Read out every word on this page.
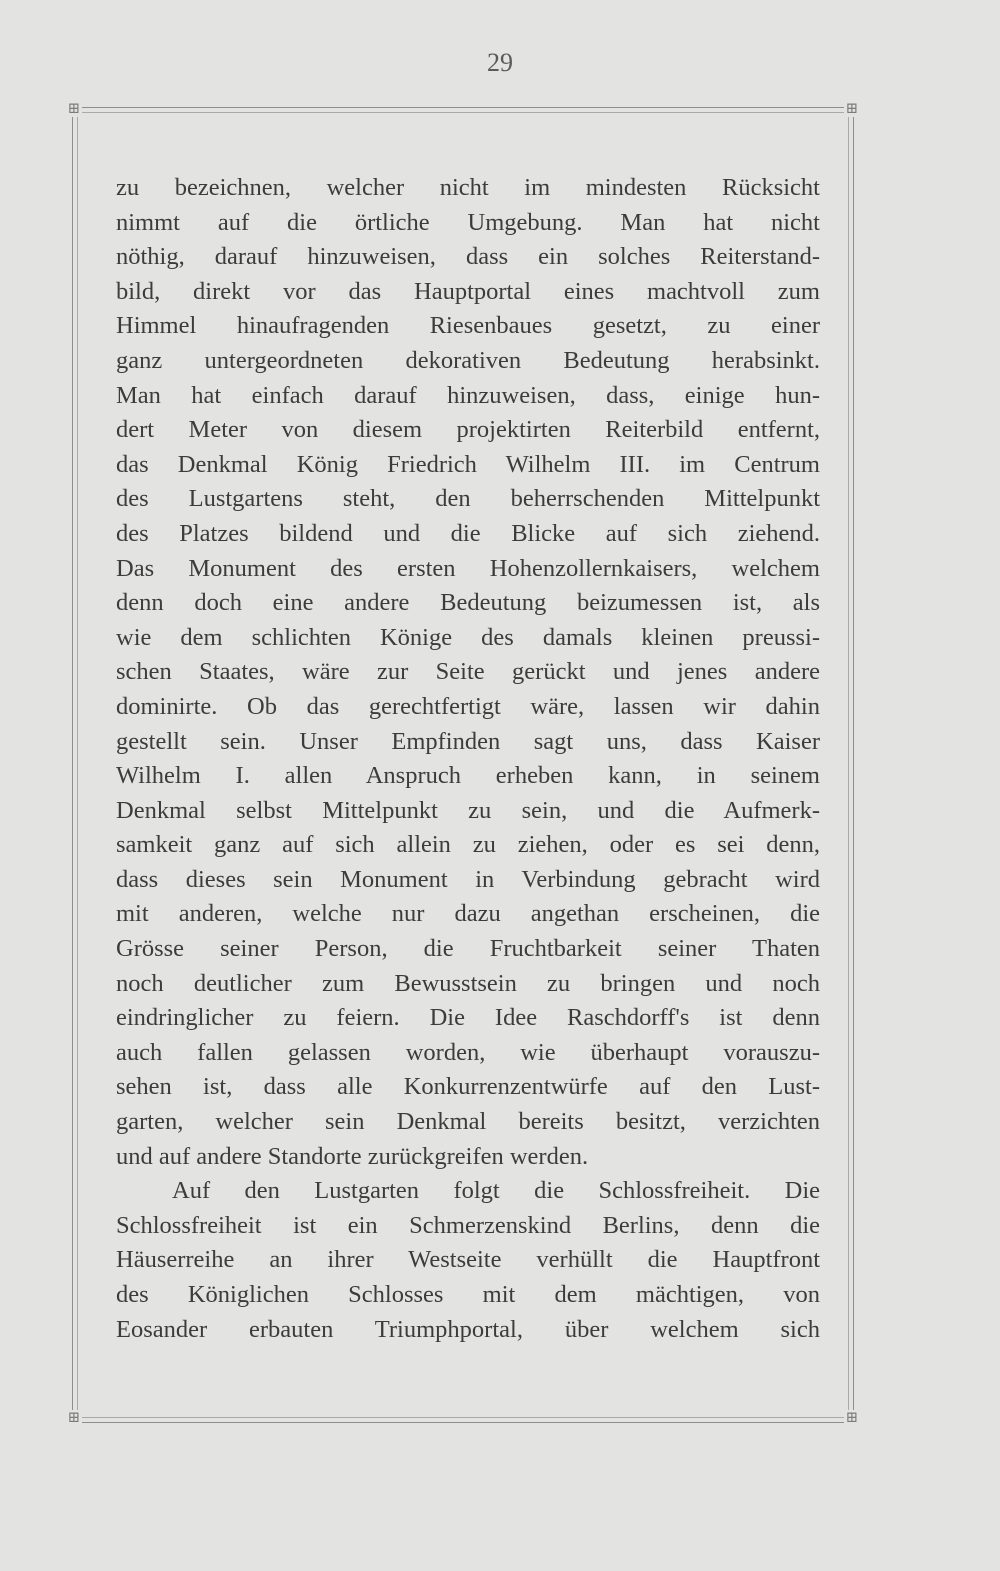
29
⊞	⊞
⊞	⊞
zu bezeichnen, welcher nicht im mindesten Rücksicht
nimmt auf die örtliche Umgebung. Man hat nicht
nöthig, darauf hinzuweisen, dass ein solches Reiterstand-
bild, direkt vor das Hauptportal eines machtvoll zum
Himmel hinaufragenden Riesenbaues gesetzt, zu einer
ganz untergeordneten dekorativen Bedeutung herabsinkt.
Man hat einfach darauf hinzuweisen, dass, einige hun-
dert Meter von diesem projektirten Reiterbild entfernt,
das Denkmal König Friedrich Wilhelm III. im Centrum
des Lustgartens steht, den beherrschenden Mittelpunkt
des Platzes bildend und die Blicke auf sich ziehend.
Das Monument des ersten Hohenzollernkaisers, welchem
denn doch eine andere Bedeutung beizumessen ist, als
wie dem schlichten Könige des damals kleinen preussi-
schen Staates, wäre zur Seite gerückt und jenes andere
dominirte. Ob das gerechtfertigt wäre, lassen wir dahin
gestellt sein. Unser Empfinden sagt uns, dass Kaiser
Wilhelm I. allen Anspruch erheben kann, in seinem
Denkmal selbst Mittelpunkt zu sein, und die Aufmerk-
samkeit ganz auf sich allein zu ziehen, oder es sei denn,
dass dieses sein Monument in Verbindung gebracht wird
mit anderen, welche nur dazu angethan erscheinen, die
Grösse seiner Person, die Fruchtbarkeit seiner Thaten
noch deutlicher zum Bewusstsein zu bringen und noch
eindringlicher zu feiern. Die Idee Raschdorff's ist denn
auch fallen gelassen worden, wie überhaupt vorauszu-
sehen ist, dass alle Konkurrenzentwürfe auf den Lust-
garten, welcher sein Denkmal bereits besitzt, verzichten
und auf andere Standorte zurückgreifen werden.
Auf den Lustgarten folgt die Schlossfreiheit. Die
Schlossfreiheit ist ein Schmerzenskind Berlins, denn die
Häuserreihe an ihrer Westseite verhüllt die Hauptfront
des Königlichen Schlosses mit dem mächtigen, von
Eosander erbauten Triumphportal, über welchem sich
